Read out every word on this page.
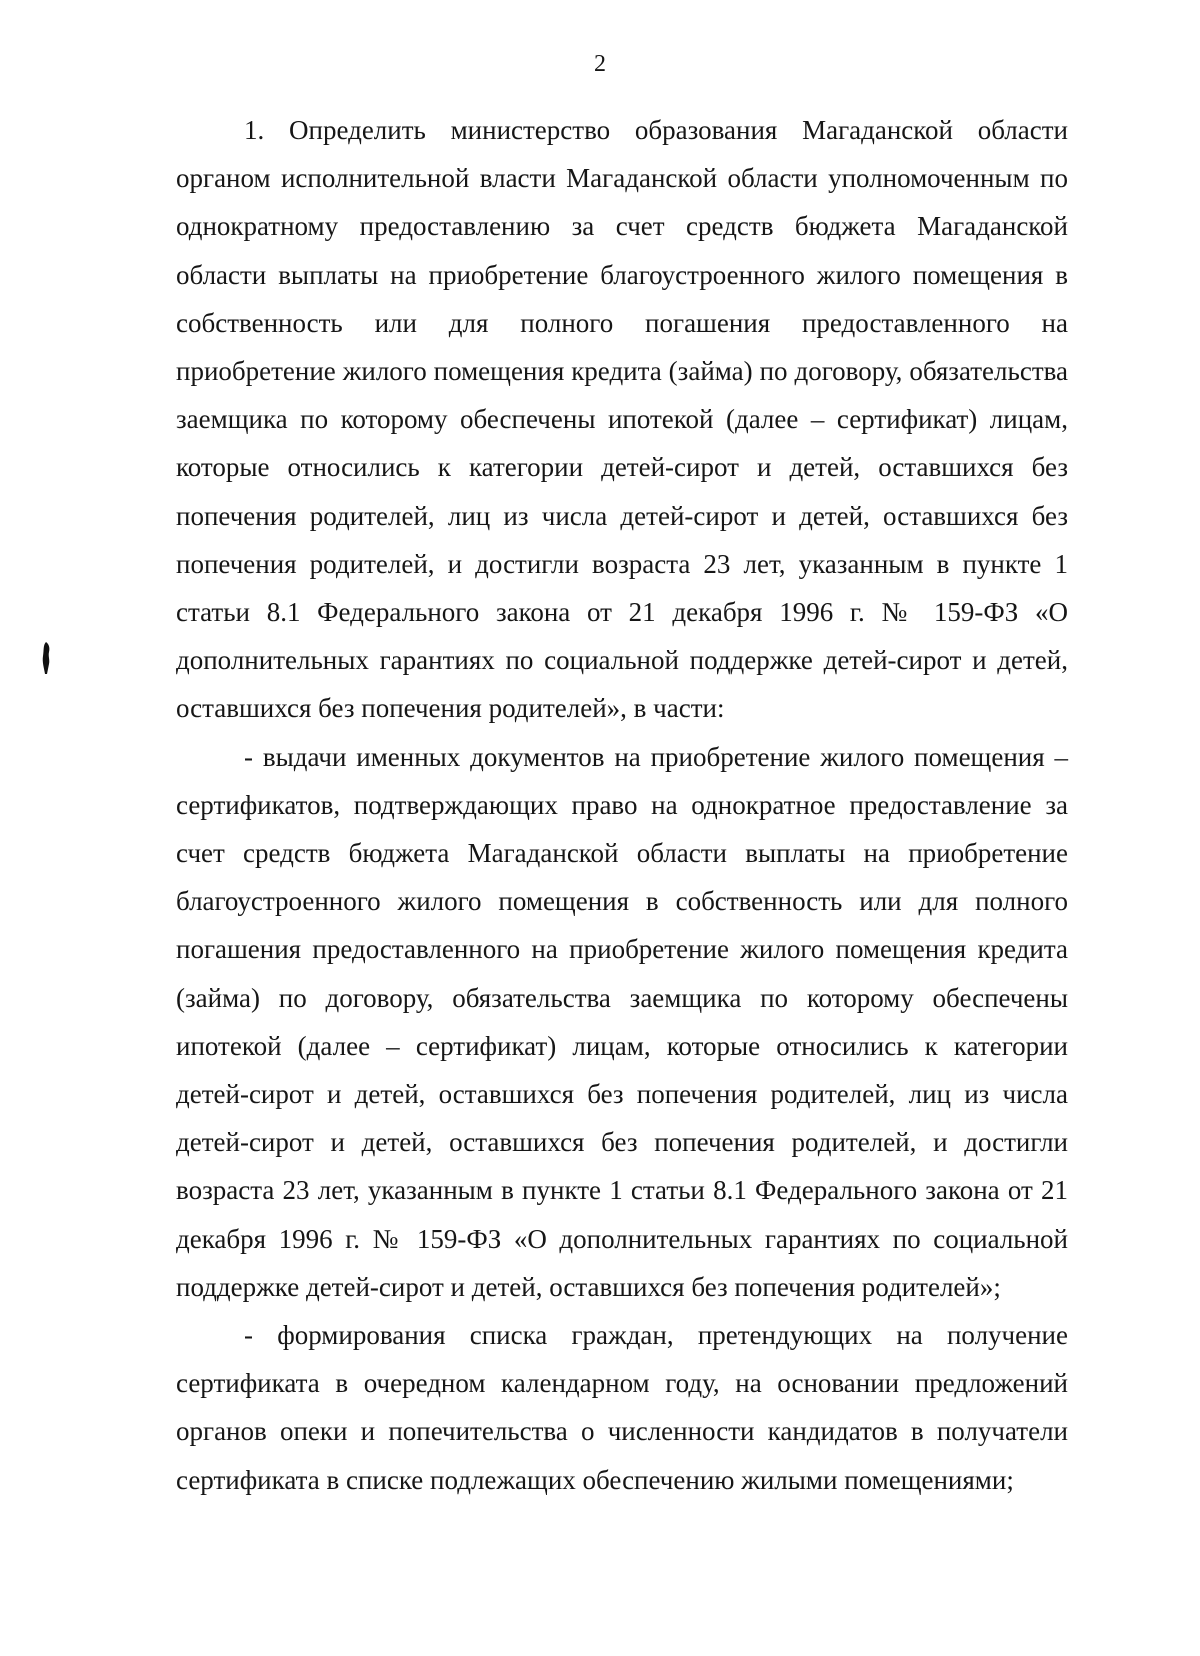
2

1. Определить министерство образования Магаданской области органом исполнительной власти Магаданской области уполномоченным по однократному предоставлению за счет средств бюджета Магаданской области выплаты на приобретение благоустроенного жилого помещения в собственность или для полного погашения предоставленного на приобретение жилого помещения кредита (займа) по договору, обязательства заемщика по которому обеспечены ипотекой (далее – сертификат) лицам, которые относились к категории детей-сирот и детей, оставшихся без попечения родителей, лиц из числа детей-сирот и детей, оставшихся без попечения родителей, и достигли возраста 23 лет, указанным в пункте 1 статьи 8.1 Федерального закона от 21 декабря 1996 г. № 159-ФЗ «О дополнительных гарантиях по социальной поддержке детей-сирот и детей, оставшихся без попечения родителей», в части:

- выдачи именных документов на приобретение жилого помещения – сертификатов, подтверждающих право на однократное предоставление за счет средств бюджета Магаданской области выплаты на приобретение благоустроенного жилого помещения в собственность или для полного погашения предоставленного на приобретение жилого помещения кредита (займа) по договору, обязательства заемщика по которому обеспечены ипотекой (далее – сертификат) лицам, которые относились к категории детей-сирот и детей, оставшихся без попечения родителей, лиц из числа детей-сирот и детей, оставшихся без попечения родителей, и достигли возраста 23 лет, указанным в пункте 1 статьи 8.1 Федерального закона от 21 декабря 1996 г. № 159-ФЗ «О дополнительных гарантиях по социальной поддержке детей-сирот и детей, оставшихся без попечения родителей»;

- формирования списка граждан, претендующих на получение сертификата в очередном календарном году, на основании предложений органов опеки и попечительства о численности кандидатов в получатели сертификата в списке подлежащих обеспечению жилыми помещениями;
